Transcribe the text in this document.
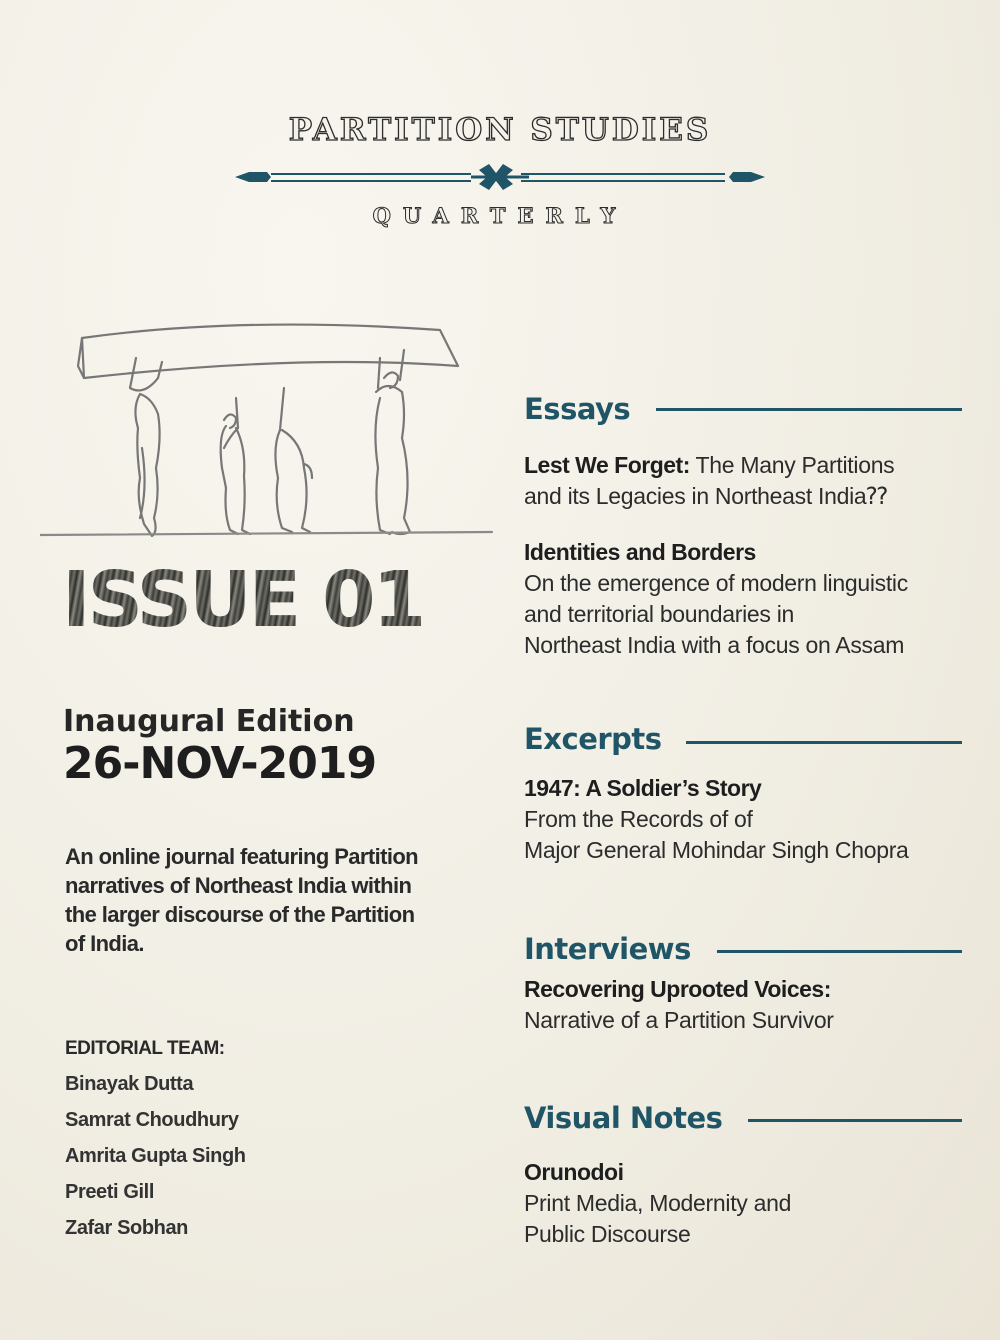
PARTITION STUDIES
QUARTERLY
ISSUE 01
Inaugural Edition
26-NOV-2019
An online journal featuring Partition narratives of Northeast India within the larger discourse of the Partition of India.
EDITORIAL TEAM:
Binayak Dutta
Samrat Choudhury
Amrita Gupta Singh
Preeti Gill
Zafar Sobhan
Essays
Lest We Forget: The Many Partitions
and its Legacies in Northeast India⁇
Identities and Borders
On the emergence of modern linguistic
and territorial boundaries in
Northeast India with a focus on Assam
Excerpts
1947: A Soldier’s Story
From the Records of of
Major General Mohindar Singh Chopra
Interviews
Recovering Uprooted Voices:
Narrative of a Partition Survivor
Visual Notes
Orunodoi
Print Media, Modernity and
Public Discourse
